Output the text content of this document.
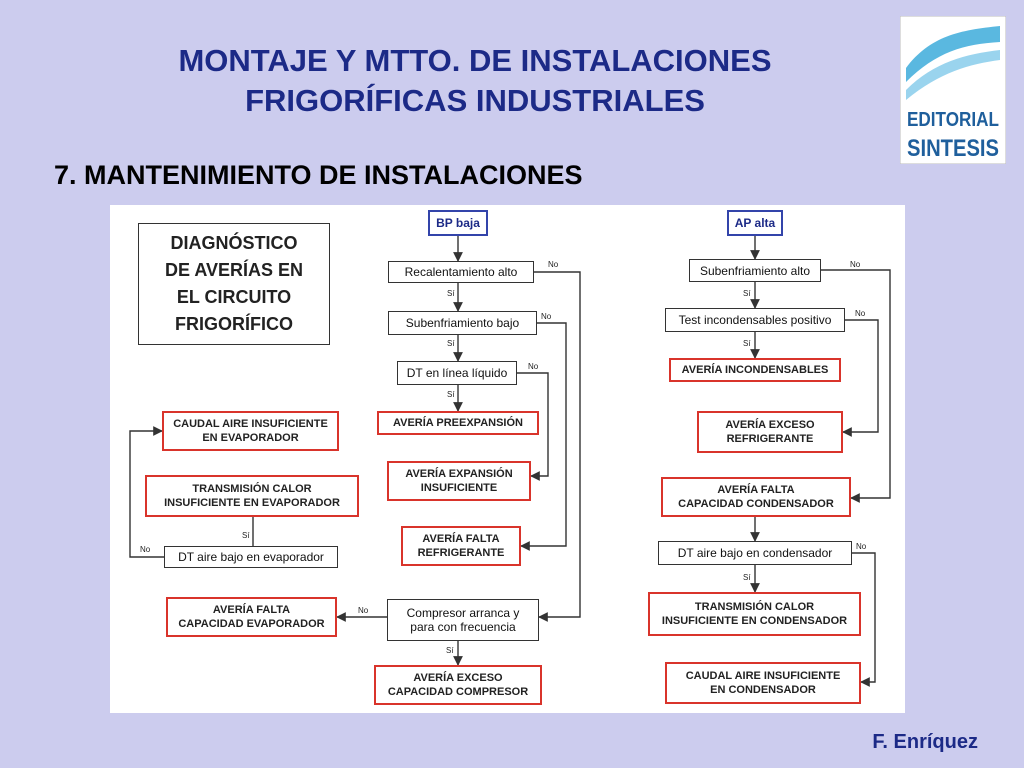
MONTAJE Y MTTO. DE INSTALACIONES
FRIGORÍFICAS INDUSTRIALES
7. MANTENIMIENTO DE INSTALACIONES
EDITORIAL
SINTESIS
DIAGNÓSTICO
DE AVERÍAS EN
EL CIRCUITO
FRIGORÍFICO
BP baja
Recalentamiento alto
Subenfriamiento bajo
DT en línea líquido
AVERÍA PREEXPANSIÓN
AVERÍA EXPANSIÓN
INSUFICIENTE
AVERÍA FALTA
REFRIGERANTE
Compresor arranca y
para con frecuencia
AVERÍA EXCESO
CAPACIDAD COMPRESOR
AVERÍA FALTA
CAPACIDAD EVAPORADOR
DT aire bajo en evaporador
TRANSMISIÓN CALOR
INSUFICIENTE EN EVAPORADOR
CAUDAL AIRE INSUFICIENTE
EN EVAPORADOR
AP alta
Subenfriamiento alto
Test incondensables positivo
AVERÍA INCONDENSABLES
AVERÍA EXCESO
REFRIGERANTE
AVERÍA FALTA
CAPACIDAD CONDENSADOR
DT aire bajo en condensador
TRANSMISIÓN CALOR
INSUFICIENTE EN CONDENSADOR
CAUDAL AIRE INSUFICIENTE
EN CONDENSADOR
Sí
Sí
Sí
Sí
Sí
No
No
No
No
No
Sí
Sí
Sí
No
No
No
F. Enríquez
